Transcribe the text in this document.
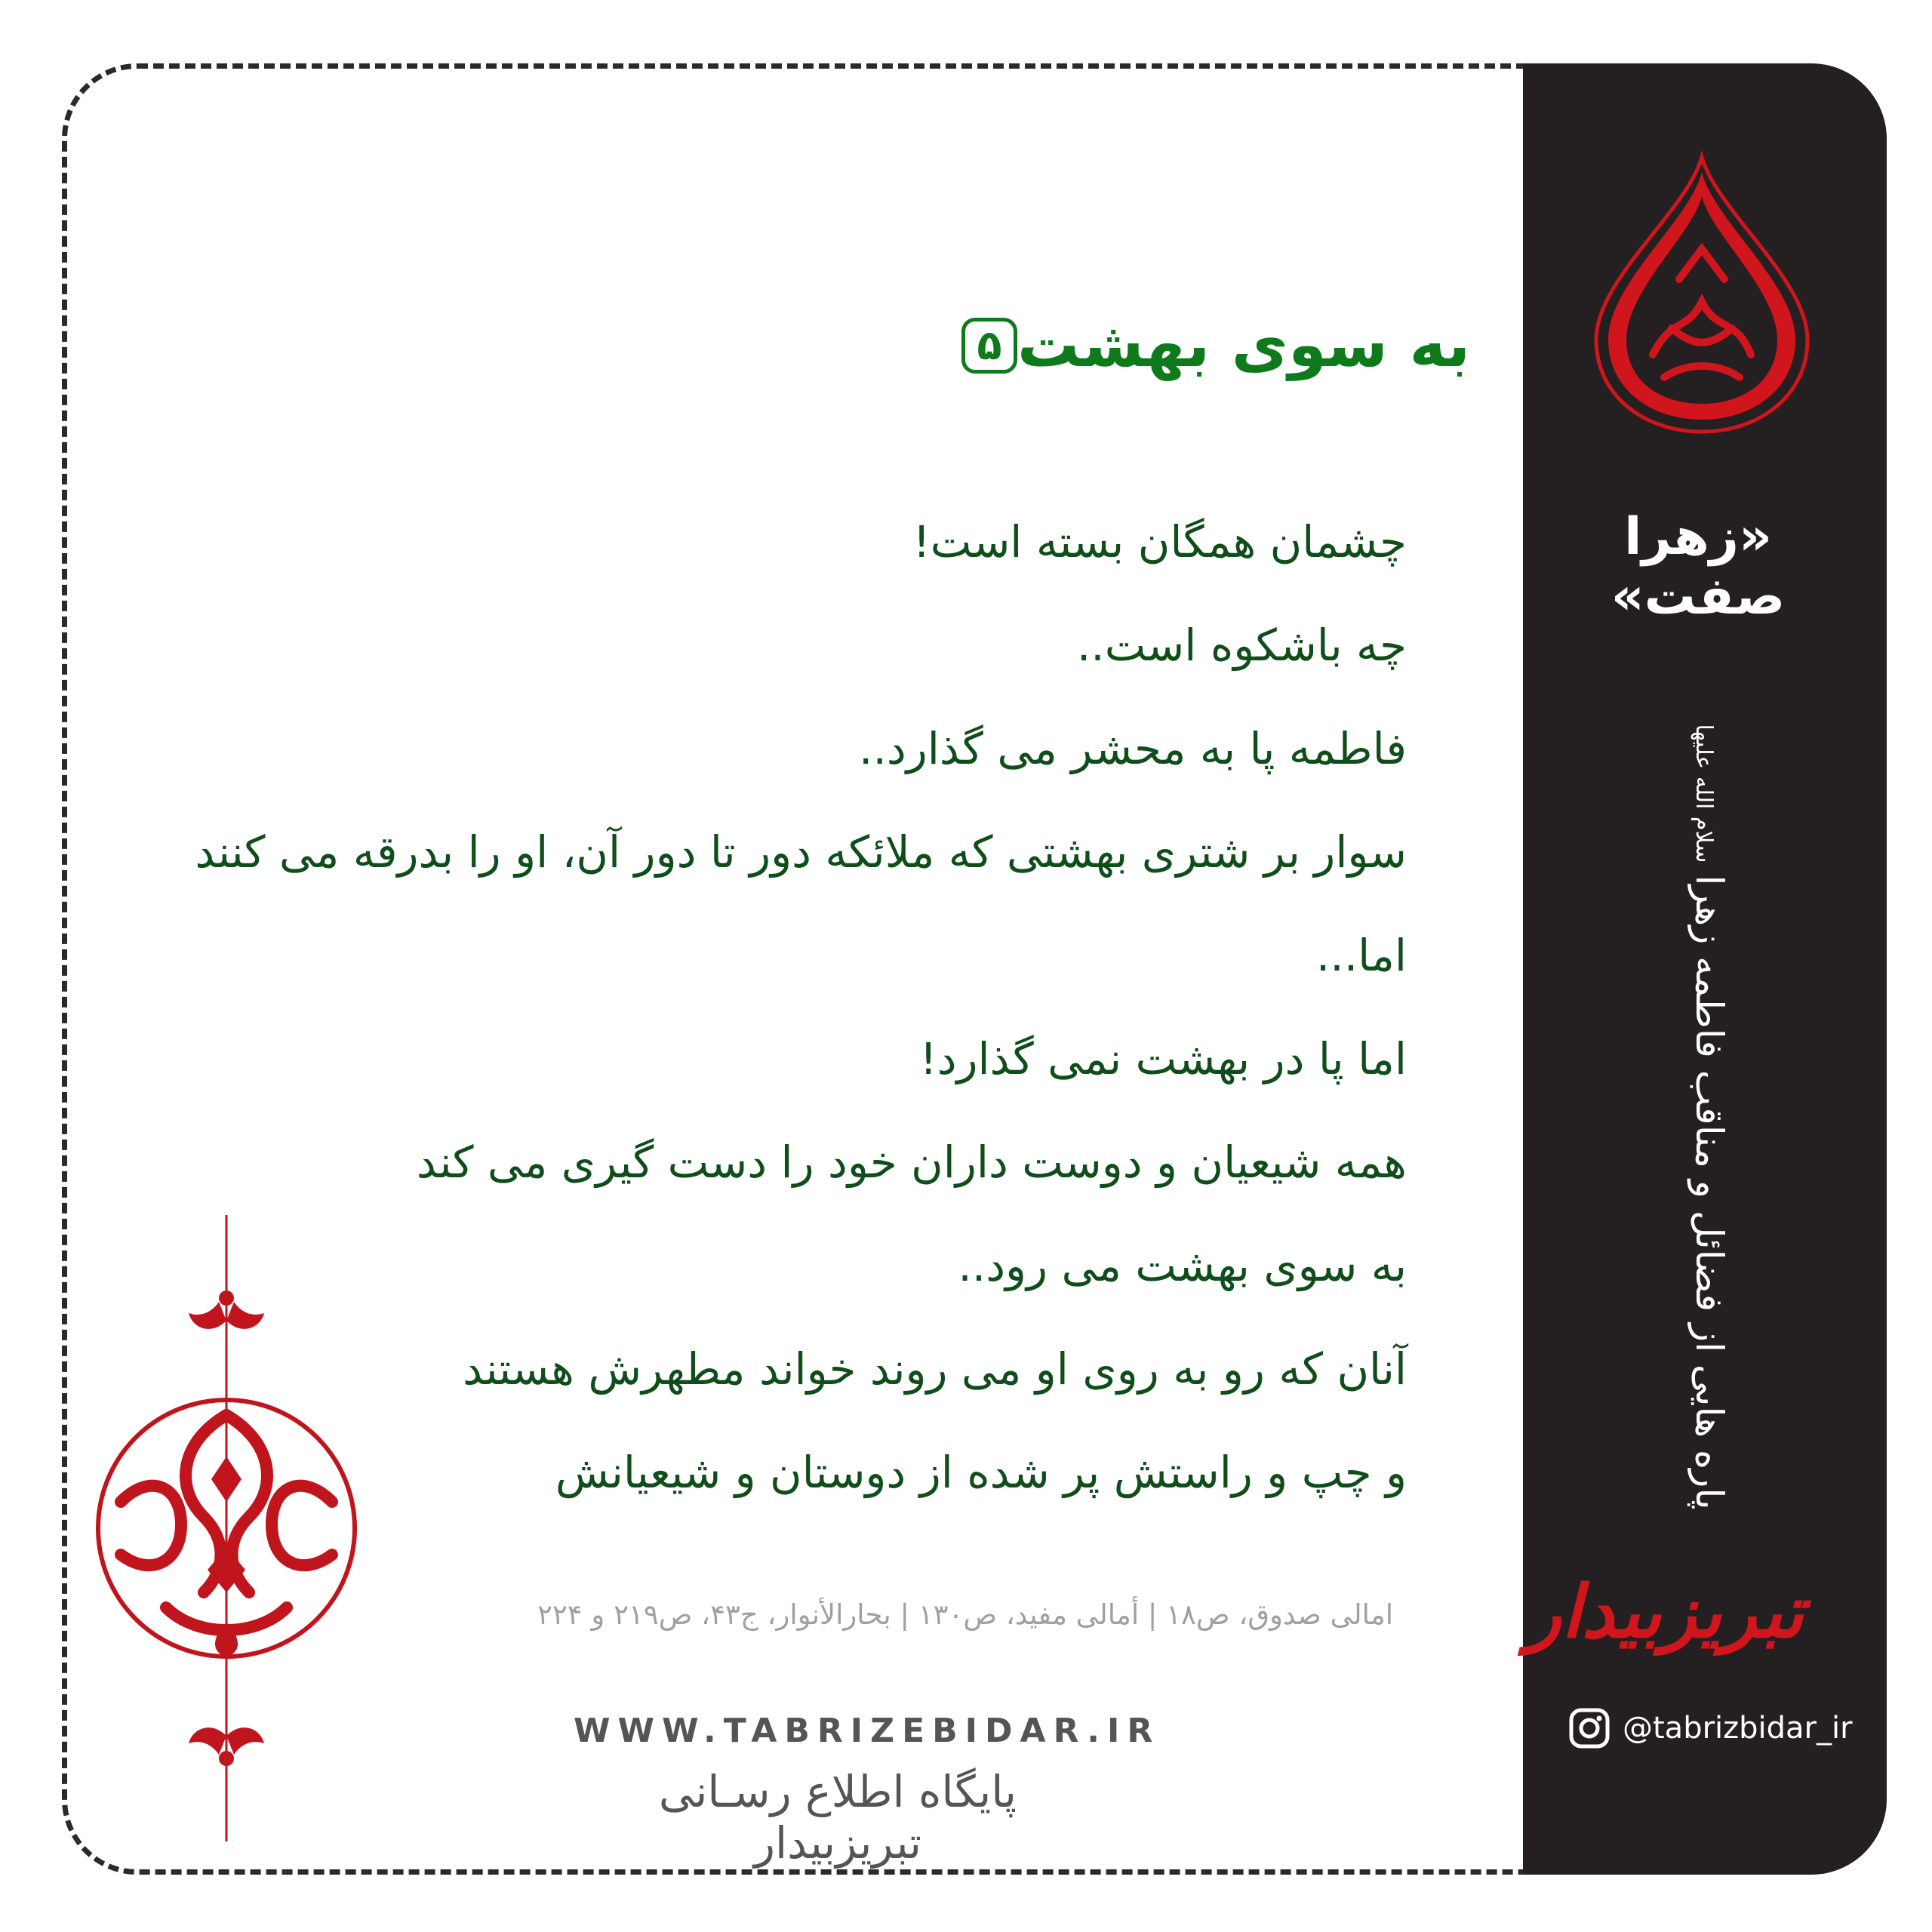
«زهرا صفت»
پاره هایی از فضائل و مناقب فاطمه زهرا سلام الله علیها
تبریزبیدار
@tabrizbidar_ir
۵ به سوی بهشت
چشمان همگان بسته است!
چه باشکوه است..
فاطمه پا به محشر می گذارد..
سوار بر شتری بهشتی که ملائکه دور تا دور آن، او را بدرقه می کنند
اما...
اما پا در بهشت نمی گذارد!
همه شیعیان و دوست داران خود را دست گیری می کند
به سوی بهشت می رود..
آنان که رو به روی او می روند خواند مطهرش هستند
و چپ و راستش پر شده از دوستان و شیعیانش
امالی صدوق، ص۱۸ | أمالی مفید، ص۱۳۰ | بحارالأنوار، ج۴۳، ص۲۱۹ و ۲۲۴
WWW.TABRIZEBIDAR.IR
پایگاه اطلاع رسـانی تبریزبیدار
